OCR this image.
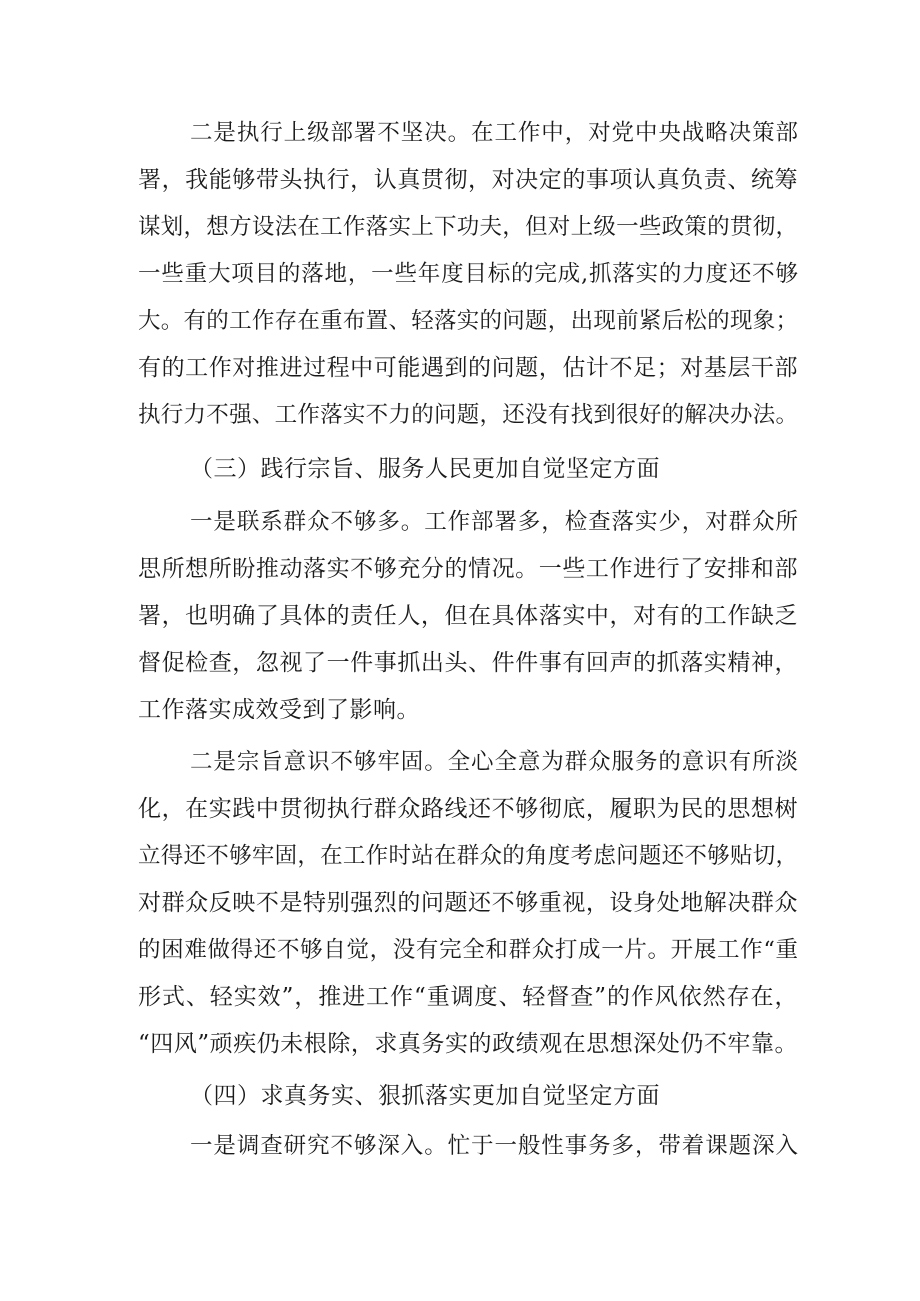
二是执行上级部署不坚决。在工作中，对党中央战略决策部
署，我能够带头执行，认真贯彻，对决定的事项认真负责、统筹
谋划，想方设法在工作落实上下功夫，但对上级一些政策的贯彻，
一些重大项目的落地，一些年度目标的完成,抓落实的力度还不够
大。有的工作存在重布置、轻落实的问题，出现前紧后松的现象；
有的工作对推进过程中可能遇到的问题，估计不足；对基层干部
执行力不强、工作落实不力的问题，还没有找到很好的解决办法。
（三）践行宗旨、服务人民更加自觉坚定方面
一是联系群众不够多。工作部署多，检查落实少，对群众所
思所想所盼推动落实不够充分的情况。一些工作进行了安排和部
署，也明确了具体的责任人，但在具体落实中，对有的工作缺乏
督促检查，忽视了一件事抓出头、件件事有回声的抓落实精神，
工作落实成效受到了影响。
二是宗旨意识不够牢固。全心全意为群众服务的意识有所淡
化，在实践中贯彻执行群众路线还不够彻底，履职为民的思想树
立得还不够牢固，在工作时站在群众的角度考虑问题还不够贴切，
对群众反映不是特别强烈的问题还不够重视，设身处地解决群众
的困难做得还不够自觉，没有完全和群众打成一片。开展工作“重
形式、轻实效”，推进工作“重调度、轻督查”的作风依然存在，
“四风”顽疾仍未根除，求真务实的政绩观在思想深处仍不牢靠。
（四）求真务实、狠抓落实更加自觉坚定方面
一是调查研究不够深入。忙于一般性事务多，带着课题深入
